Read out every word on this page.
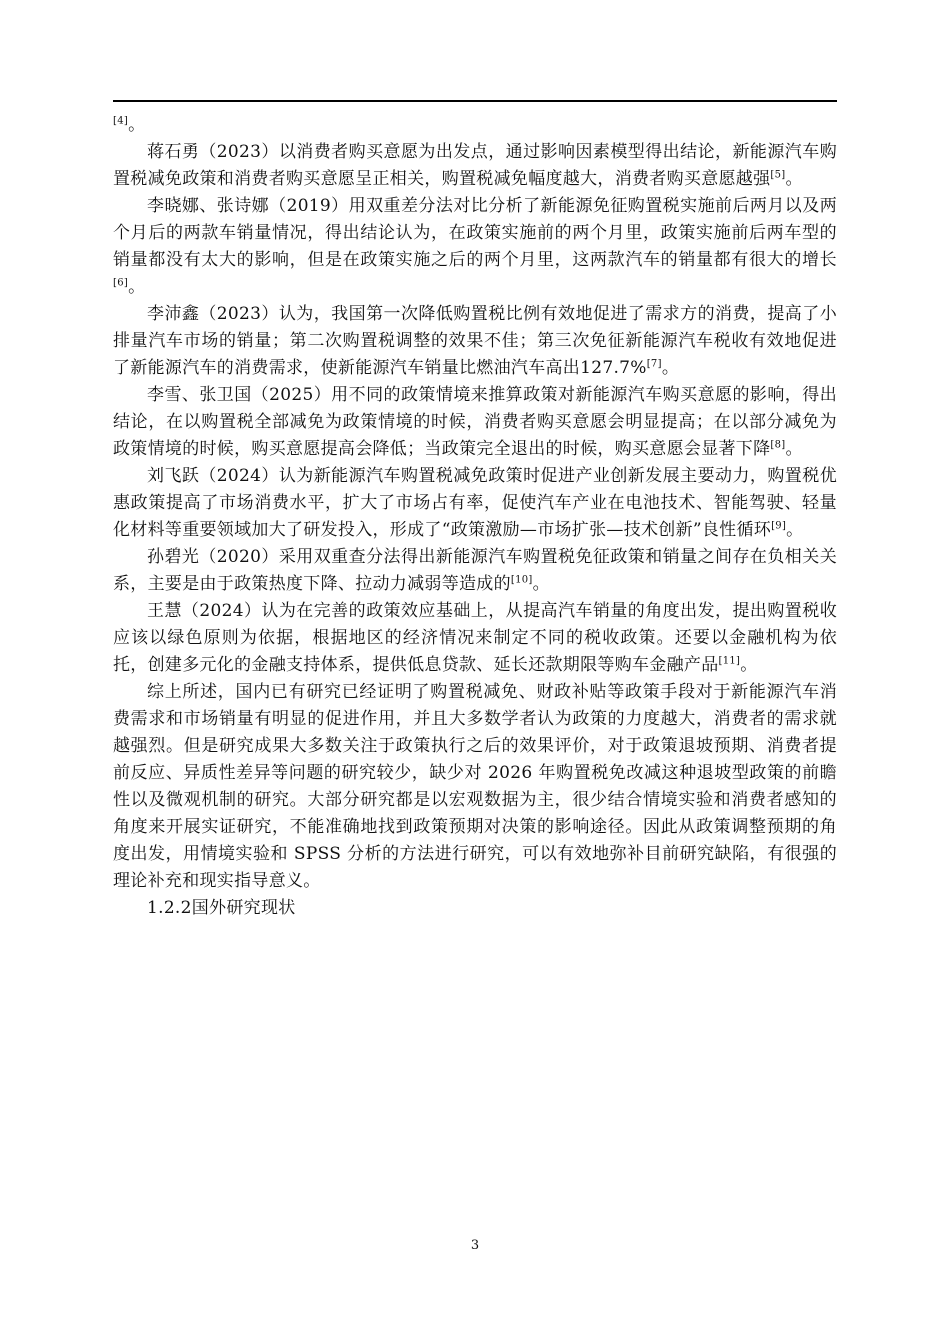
[4]。

蒋石勇（2023）以消费者购买意愿为出发点，通过影响因素模型得出结论，新能源汽车购置税减免政策和消费者购买意愿呈正相关，购置税减免幅度越大，消费者购买意愿越强[5]。

李晓娜、张诗娜（2019）用双重差分法对比分析了新能源免征购置税实施前后两月以及两个月后的两款车销量情况，得出结论认为，在政策实施前的两个月里，政策实施前后两车型的销量都没有太大的影响，但是在政策实施之后的两个月里，这两款汽车的销量都有很大的增长[6]。

李沛鑫（2023）认为，我国第一次降低购置税比例有效地促进了需求方的消费，提高了小排量汽车市场的销量；第二次购置税调整的效果不佳；第三次免征新能源汽车税收有效地促进了新能源汽车的消费需求，使新能源汽车销量比燃油汽车高出127.7%[7]。

李雪、张卫国（2025）用不同的政策情境来推算政策对新能源汽车购买意愿的影响，得出结论，在以购置税全部减免为政策情境的时候，消费者购买意愿会明显提高；在以部分减免为政策情境的时候，购买意愿提高会降低；当政策完全退出的时候，购买意愿会显著下降[8]。

刘飞跃（2024）认为新能源汽车购置税减免政策时促进产业创新发展主要动力，购置税优惠政策提高了市场消费水平，扩大了市场占有率，促使汽车产业在电池技术、智能驾驶、轻量化材料等重要领域加大了研发投入，形成了“政策激励—市场扩张—技术创新”良性循环[9]。

孙碧光（2020）采用双重查分法得出新能源汽车购置税免征政策和销量之间存在负相关关系，主要是由于政策热度下降、拉动力减弱等造成的[10]。

王慧（2024）认为在完善的政策效应基础上，从提高汽车销量的角度出发，提出购置税收应该以绿色原则为依据，根据地区的经济情况来制定不同的税收政策。还要以金融机构为依托，创建多元化的金融支持体系，提供低息贷款、延长还款期限等购车金融产品[11]。

综上所述，国内已有研究已经证明了购置税减免、财政补贴等政策手段对于新能源汽车消费需求和市场销量有明显的促进作用，并且大多数学者认为政策的力度越大，消费者的需求就越强烈。但是研究成果大多数关注于政策执行之后的效果评价，对于政策退坡预期、消费者提前反应、异质性差异等问题的研究较少，缺少对 2026 年购置税免改减这种退坡型政策的前瞻性以及微观机制的研究。大部分研究都是以宏观数据为主，很少结合情境实验和消费者感知的角度来开展实证研究，不能准确地找到政策预期对决策的影响途径。因此从政策调整预期的角度出发，用情境实验和 SPSS 分析的方法进行研究，可以有效地弥补目前研究缺陷，有很强的理论补充和现实指导意义。

1.2.2国外研究现状

3
